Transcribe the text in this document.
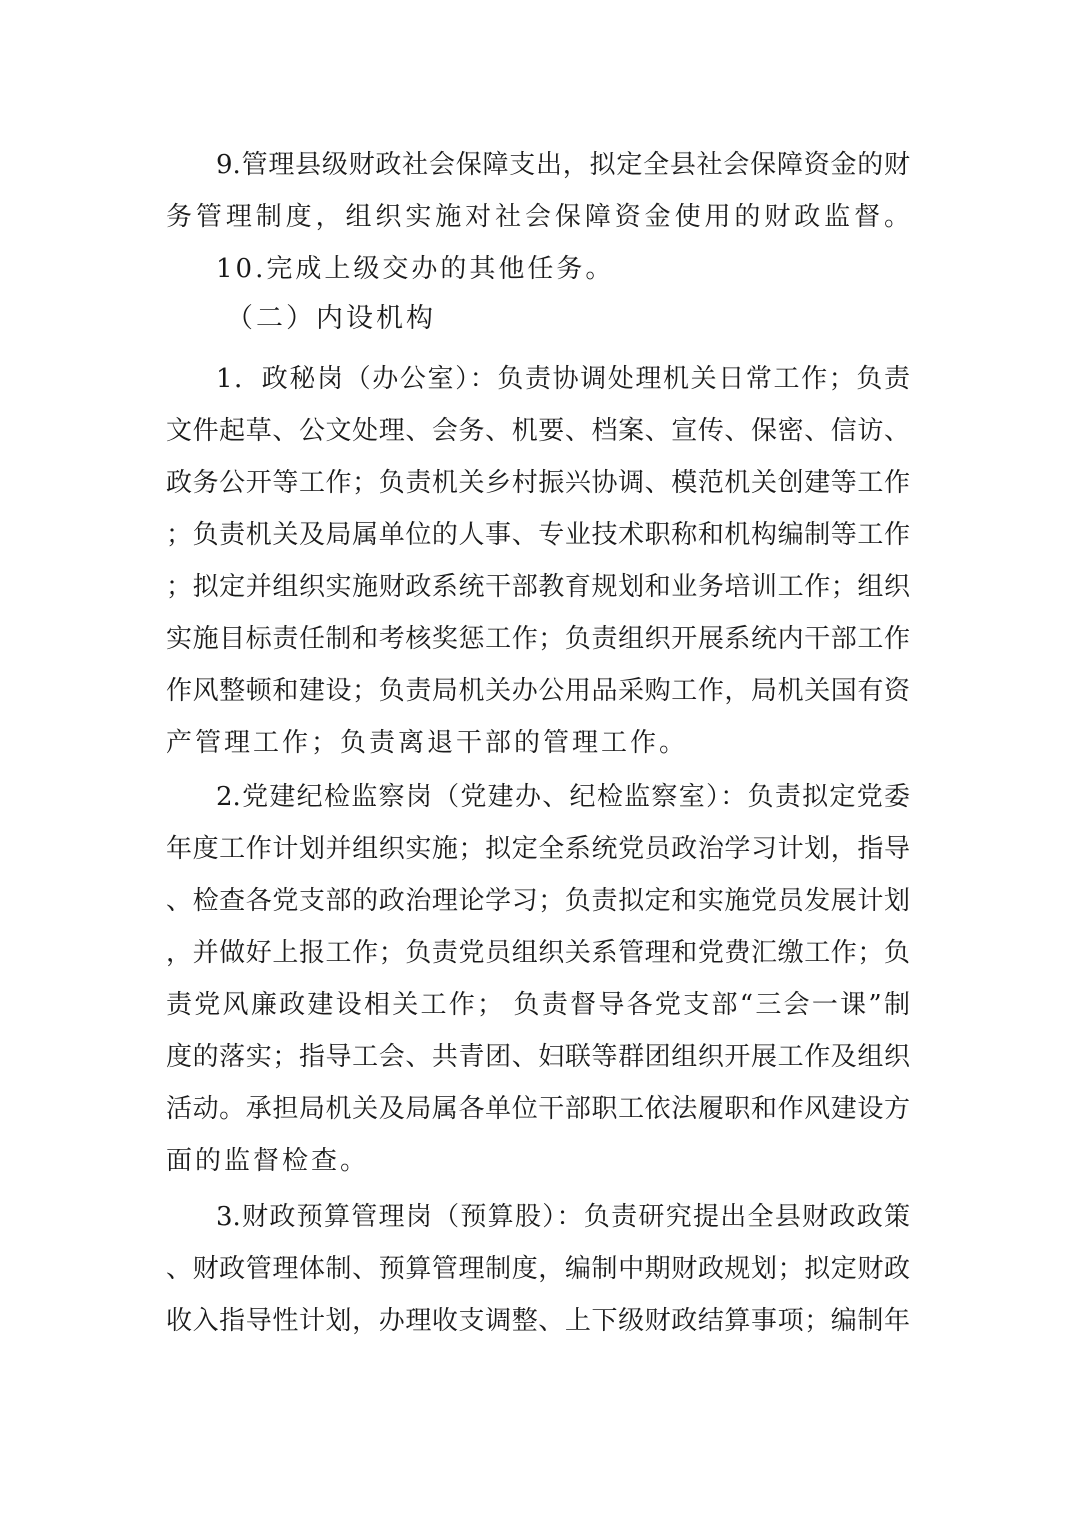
9.管理县级财政社会保障支出，拟定全县社会保障资金的财
务管理制度，组织实施对社会保障资金使用的财政监督。
10.完成上级交办的其他任务。
（二）内设机构
1．政秘岗（办公室）：负责协调处理机关日常工作；负责
文件起草、公文处理、会务、机要、档案、宣传、保密、信访、
政务公开等工作；负责机关乡村振兴协调、模范机关创建等工作
；负责机关及局属单位的人事、专业技术职称和机构编制等工作
；拟定并组织实施财政系统干部教育规划和业务培训工作；组织
实施目标责任制和考核奖惩工作；负责组织开展系统内干部工作
作风整顿和建设；负责局机关办公用品采购工作，局机关国有资
产管理工作；负责离退干部的管理工作。
2.党建纪检监察岗（党建办、纪检监察室）：负责拟定党委
年度工作计划并组织实施；拟定全系统党员政治学习计划，指导
、检查各党支部的政治理论学习；负责拟定和实施党员发展计划
，并做好上报工作；负责党员组织关系管理和党费汇缴工作；负
责党风廉政建设相关工作； 负责督导各党支部“三会一课”制
度的落实；指导工会、共青团、妇联等群团组织开展工作及组织
活动。承担局机关及局属各单位干部职工依法履职和作风建设方
面的监督检查。
3.财政预算管理岗（预算股）：负责研究提出全县财政政策
、财政管理体制、预算管理制度，编制中期财政规划；拟定财政
收入指导性计划，办理收支调整、上下级财政结算事项；编制年
